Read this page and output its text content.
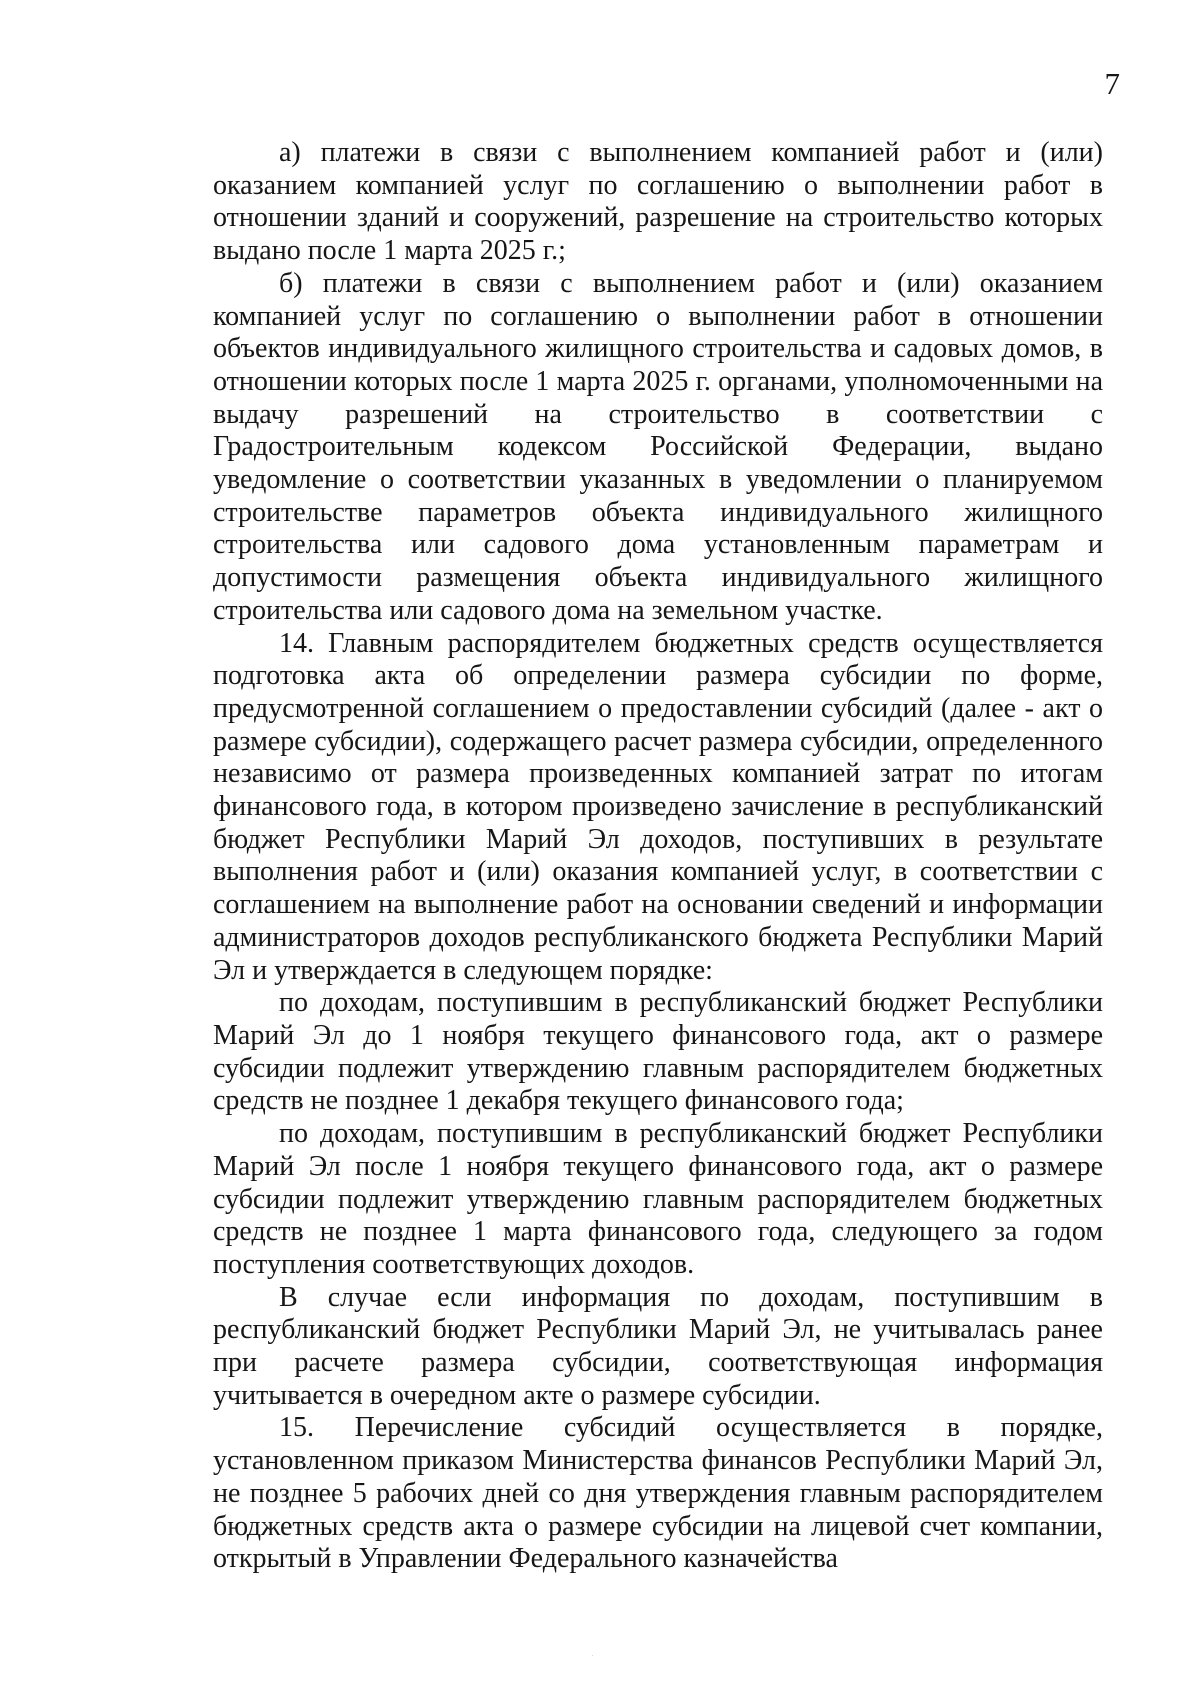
7

а) платежи в связи с выполнением компанией работ и (или) оказанием компанией услуг по соглашению о выполнении работ в отношении зданий и сооружений, разрешение на строительство которых выдано после 1 марта 2025 г.;

б) платежи в связи с выполнением работ и (или) оказанием компанией услуг по соглашению о выполнении работ в отношении объектов индивидуального жилищного строительства и садовых домов, в отношении которых после 1 марта 2025 г. органами, уполномоченными на выдачу разрешений на строительство в соответствии с Градостроительным кодексом Российской Федерации, выдано уведомление о соответствии указанных в уведомлении о планируемом строительстве параметров объекта индивидуального жилищного строительства или садового дома установленным параметрам и допустимости размещения объекта индивидуального жилищного строительства или садового дома на земельном участке.

14. Главным распорядителем бюджетных средств осуществляется подготовка акта об определении размера субсидии по форме, предусмотренной соглашением о предоставлении субсидий (далее - акт о размере субсидии), содержащего расчет размера субсидии, определенного независимо от размера произведенных компанией затрат по итогам финансового года, в котором произведено зачисление в республиканский бюджет Республики Марий Эл доходов, поступивших в результате выполнения работ и (или) оказания компанией услуг, в соответствии с соглашением на выполнение работ на основании сведений и информации администраторов доходов республиканского бюджета Республики Марий Эл и утверждается в следующем порядке:

по доходам, поступившим в республиканский бюджет Республики Марий Эл до 1 ноября текущего финансового года, акт о размере субсидии подлежит утверждению главным распорядителем бюджетных средств не позднее 1 декабря текущего финансового года;

по доходам, поступившим в республиканский бюджет Республики Марий Эл после 1 ноября текущего финансового года, акт о размере субсидии подлежит утверждению главным распорядителем бюджетных средств не позднее 1 марта финансового года, следующего за годом поступления соответствующих доходов.

В случае если информация по доходам, поступившим в республиканский бюджет Республики Марий Эл, не учитывалась ранее при расчете размера субсидии, соответствующая информация учитывается в очередном акте о размере субсидии.

15. Перечисление субсидий осуществляется в порядке, установленном приказом Министерства финансов Республики Марий Эл, не позднее 5 рабочих дней со дня утверждения главным распорядителем бюджетных средств акта о размере субсидии на лицевой счет компании, открытый в Управлении Федерального казначейства
